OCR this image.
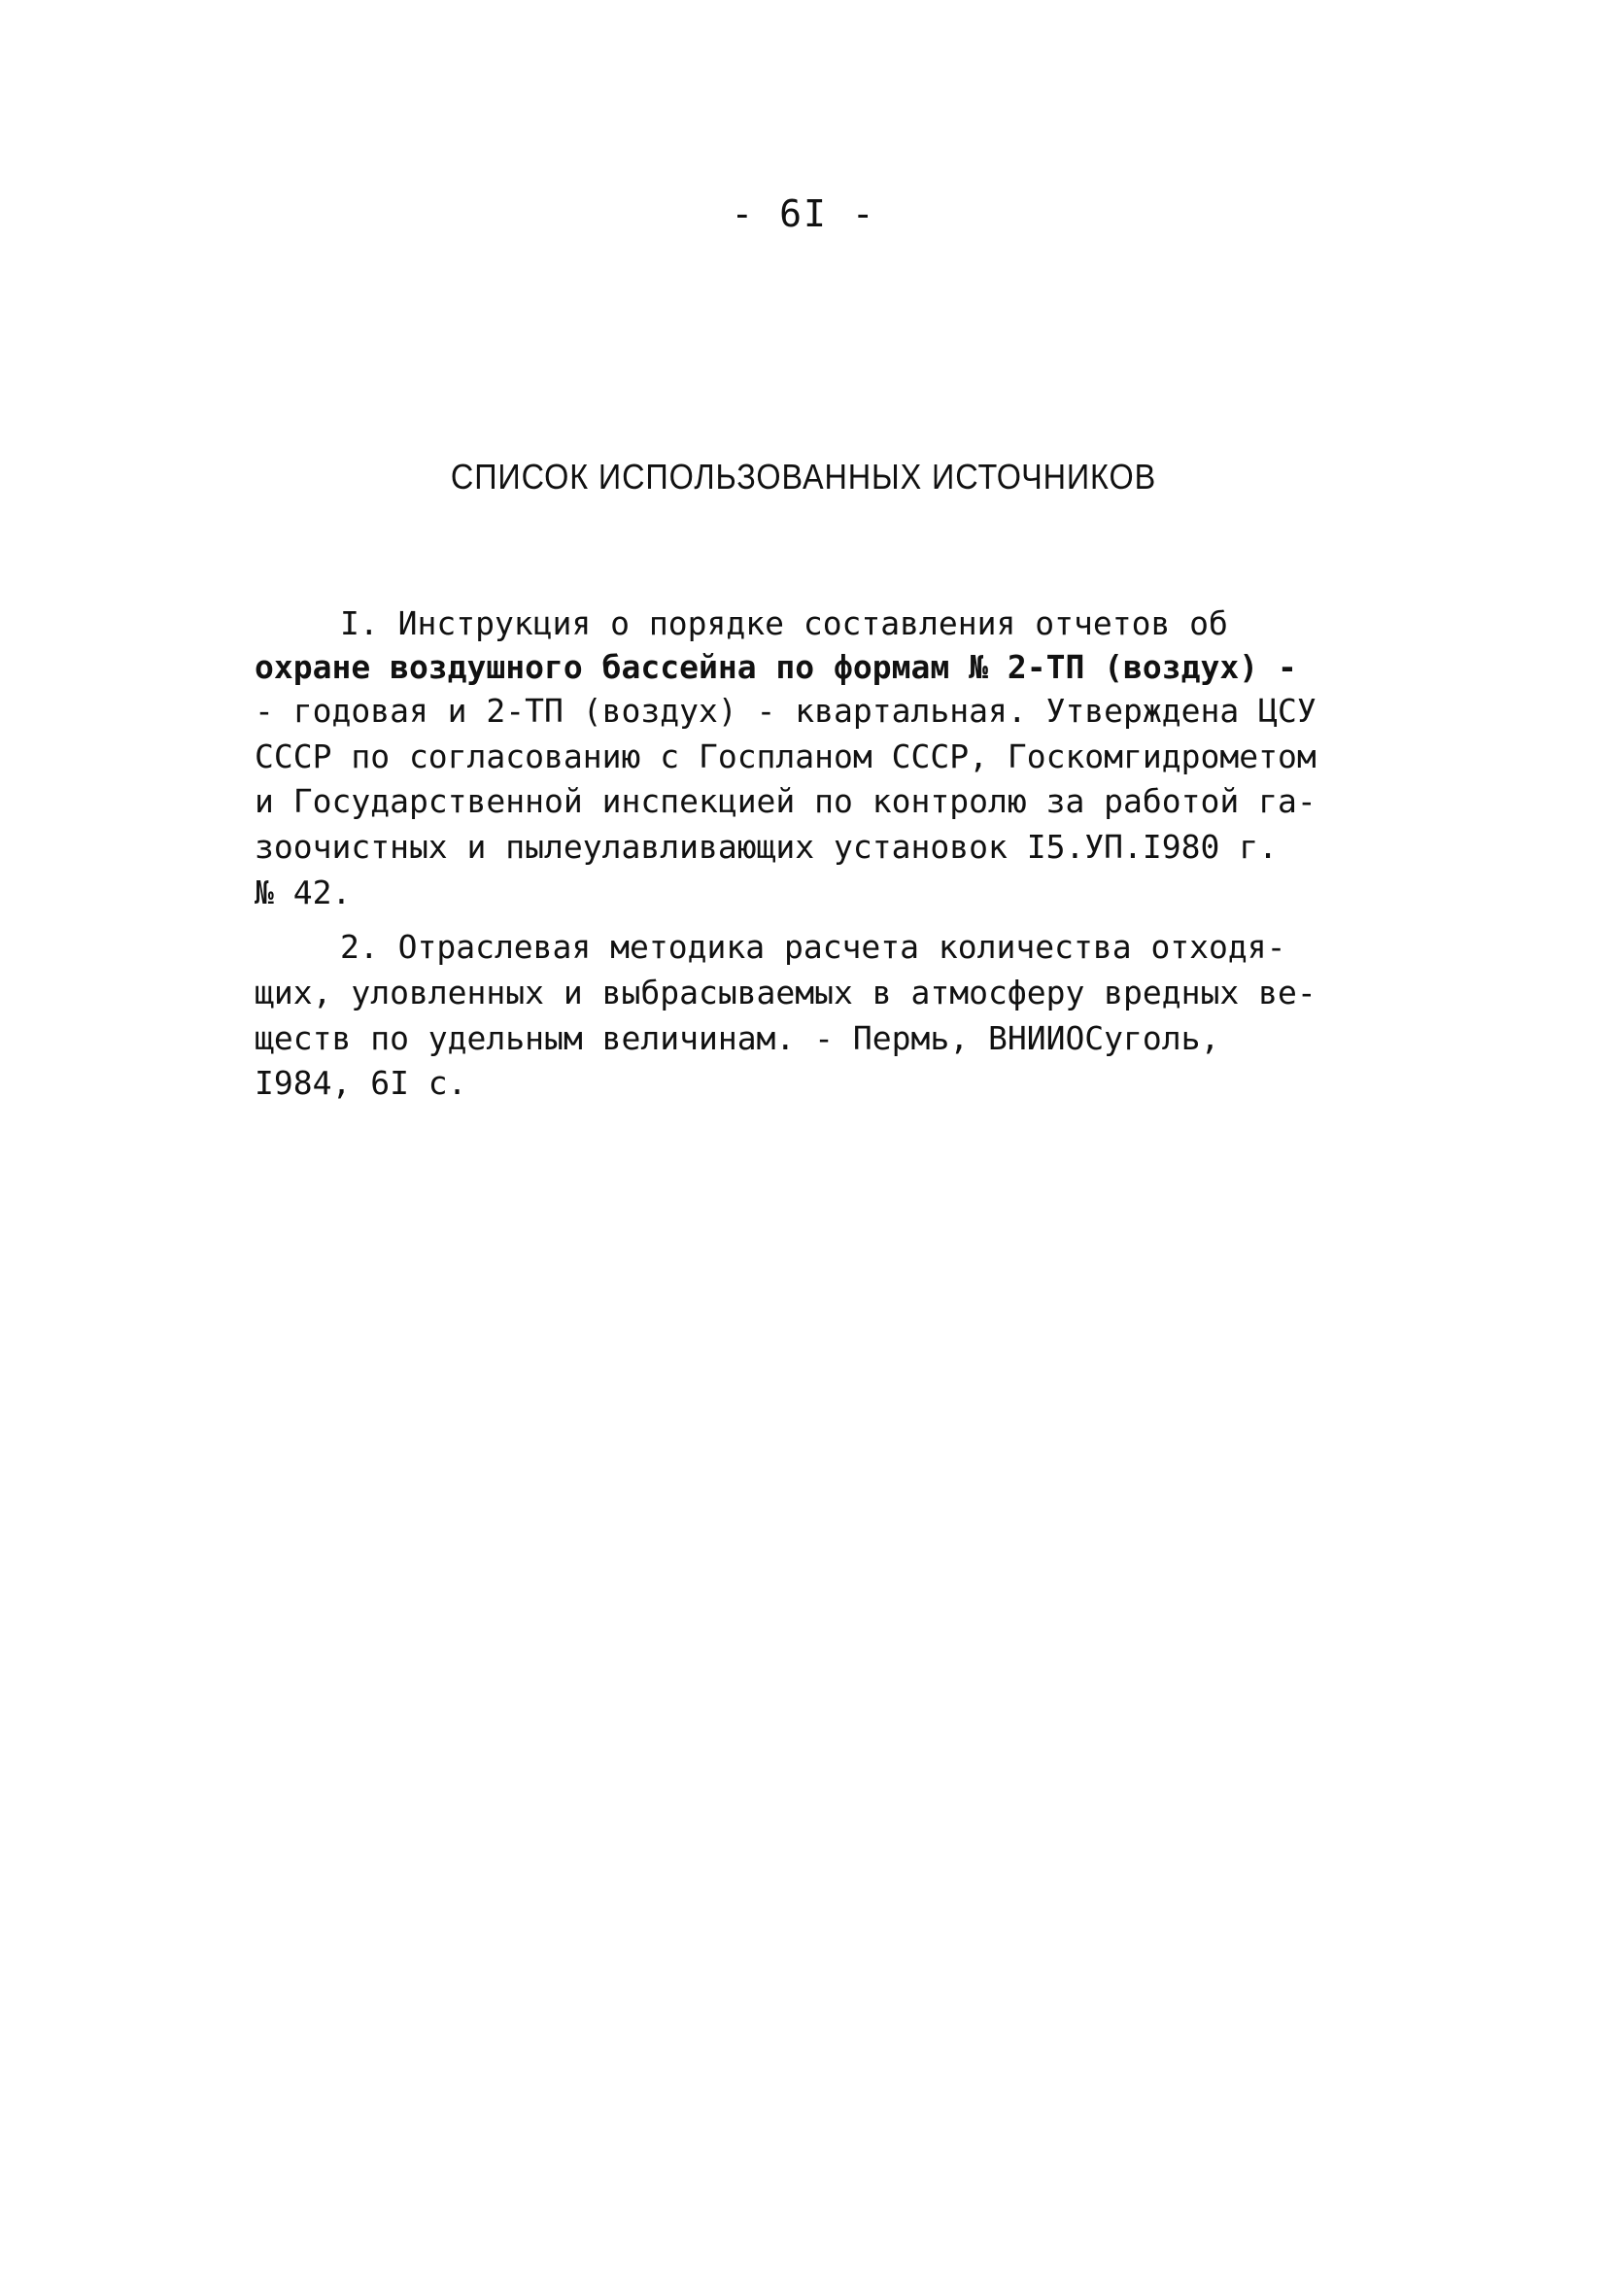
- 6I -
СПИСОК ИСПОЛЬЗОВАННЫХ ИСТОЧНИКОВ
I. Инструкция о порядке составления отчетов об
охране воздушного бассейна по формам № 2-ТП (воздух) -
- годовая и 2-ТП (воздух) - квартальная. Утверждена ЦСУ
СССР по согласованию с Госпланом СССР, Госкомгидрометом
и Государственной инспекцией по контролю за работой га-
зоочистных и пылеулавливающих установок I5.УП.I980 г.
№ 42.
2. Отраслевая методика расчета количества отходя-
щих, уловленных и выбрасываемых в атмосферу вредных ве-
ществ по удельным величинам. - Пермь, ВНИИОСуголь,
I984, 6I с.
